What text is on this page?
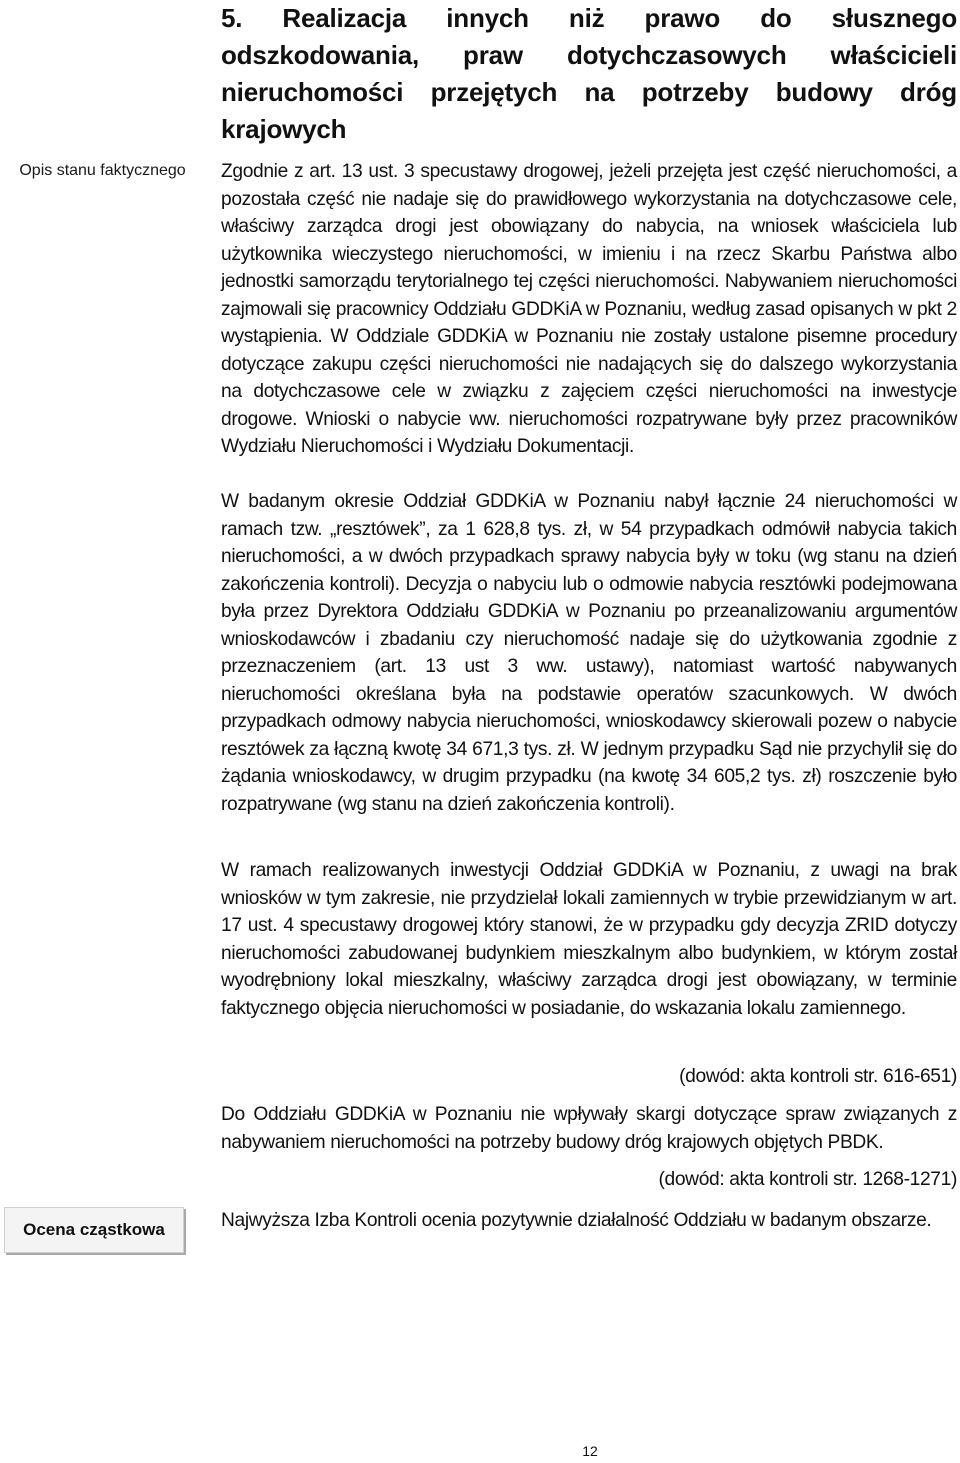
5. Realizacja innych niż prawo do słusznego odszkodowania, praw dotychczasowych właścicieli nieruchomości przejętych na potrzeby budowy dróg krajowych
Opis stanu faktycznego	Zgodnie z art. 13 ust. 3 specustawy drogowej, jeżeli przejęta jest część nieruchomości, a pozostała część nie nadaje się do prawidłowego wykorzystania na dotychczasowe cele, właściwy zarządca drogi jest obowiązany do nabycia, na wniosek właściciela lub użytkownika wieczystego nieruchomości, w imieniu i na rzecz Skarbu Państwa albo jednostki samorządu terytorialnego tej części nieruchomości. Nabywaniem nieruchomości zajmowali się pracownicy Oddziału GDDKiA w Poznaniu, według zasad opisanych w pkt 2 wystąpienia. W Oddziale GDDKiA w Poznaniu nie zostały ustalone pisemne procedury dotyczące zakupu części nieruchomości nie nadających się do dalszego wykorzystania na dotychczasowe cele w związku z zajęciem części nieruchomości na inwestycje drogowe. Wnioski o nabycie ww. nieruchomości rozpatrywane były przez pracowników Wydziału Nieruchomości i Wydziału Dokumentacji.

W badanym okresie Oddział GDDKiA w Poznaniu nabył łącznie 24 nieruchomości w ramach tzw. „resztówek”, za 1 628,8 tys. zł, w 54 przypadkach odmówił nabycia takich nieruchomości, a w dwóch przypadkach sprawy nabycia były w toku (wg stanu na dzień zakończenia kontroli). Decyzja o nabyciu lub o odmowie nabycia resztówki podejmowana była przez Dyrektora Oddziału GDDKiA w Poznaniu po przeanalizowaniu argumentów wnioskodawców i zbadaniu czy nieruchomość nadaje się do użytkowania zgodnie z przeznaczeniem (art. 13 ust 3 ww. ustawy), natomiast wartość nabywanych nieruchomości określana była na podstawie operatów szacunkowych. W dwóch przypadkach odmowy nabycia nieruchomości, wnioskodawcy skierowali pozew o nabycie resztówek za łączną kwotę 34 671,3 tys. zł. W jednym przypadku Sąd nie przychylił się do żądania wnioskodawcy, w drugim przypadku (na kwotę 34 605,2 tys. zł) roszczenie było rozpatrywane (wg stanu na dzień zakończenia kontroli).

W ramach realizowanych inwestycji Oddział GDDKiA w Poznaniu, z uwagi na brak wniosków w tym zakresie, nie przydzielał lokali zamiennych w trybie przewidzianym w art. 17 ust. 4 specustawy drogowej który stanowi, że w przypadku gdy decyzja ZRID dotyczy nieruchomości zabudowanej budynkiem mieszkalnym albo budynkiem, w którym został wyodrębniony lokal mieszkalny, właściwy zarządca drogi jest obowiązany, w terminie faktycznego objęcia nieruchomości w posiadanie, do wskazania lokalu zamiennego.

(dowód: akta kontroli str. 616-651)

Do Oddziału GDDKiA w Poznaniu nie wpływały skargi dotyczące spraw związanych z nabywaniem nieruchomości na potrzeby budowy dróg krajowych objętych PBDK.

(dowód: akta kontroli str. 1268-1271)
Ocena cząstkowa	Najwyższa Izba Kontroli ocenia pozytywnie działalność Oddziału w badanym obszarze.

12
